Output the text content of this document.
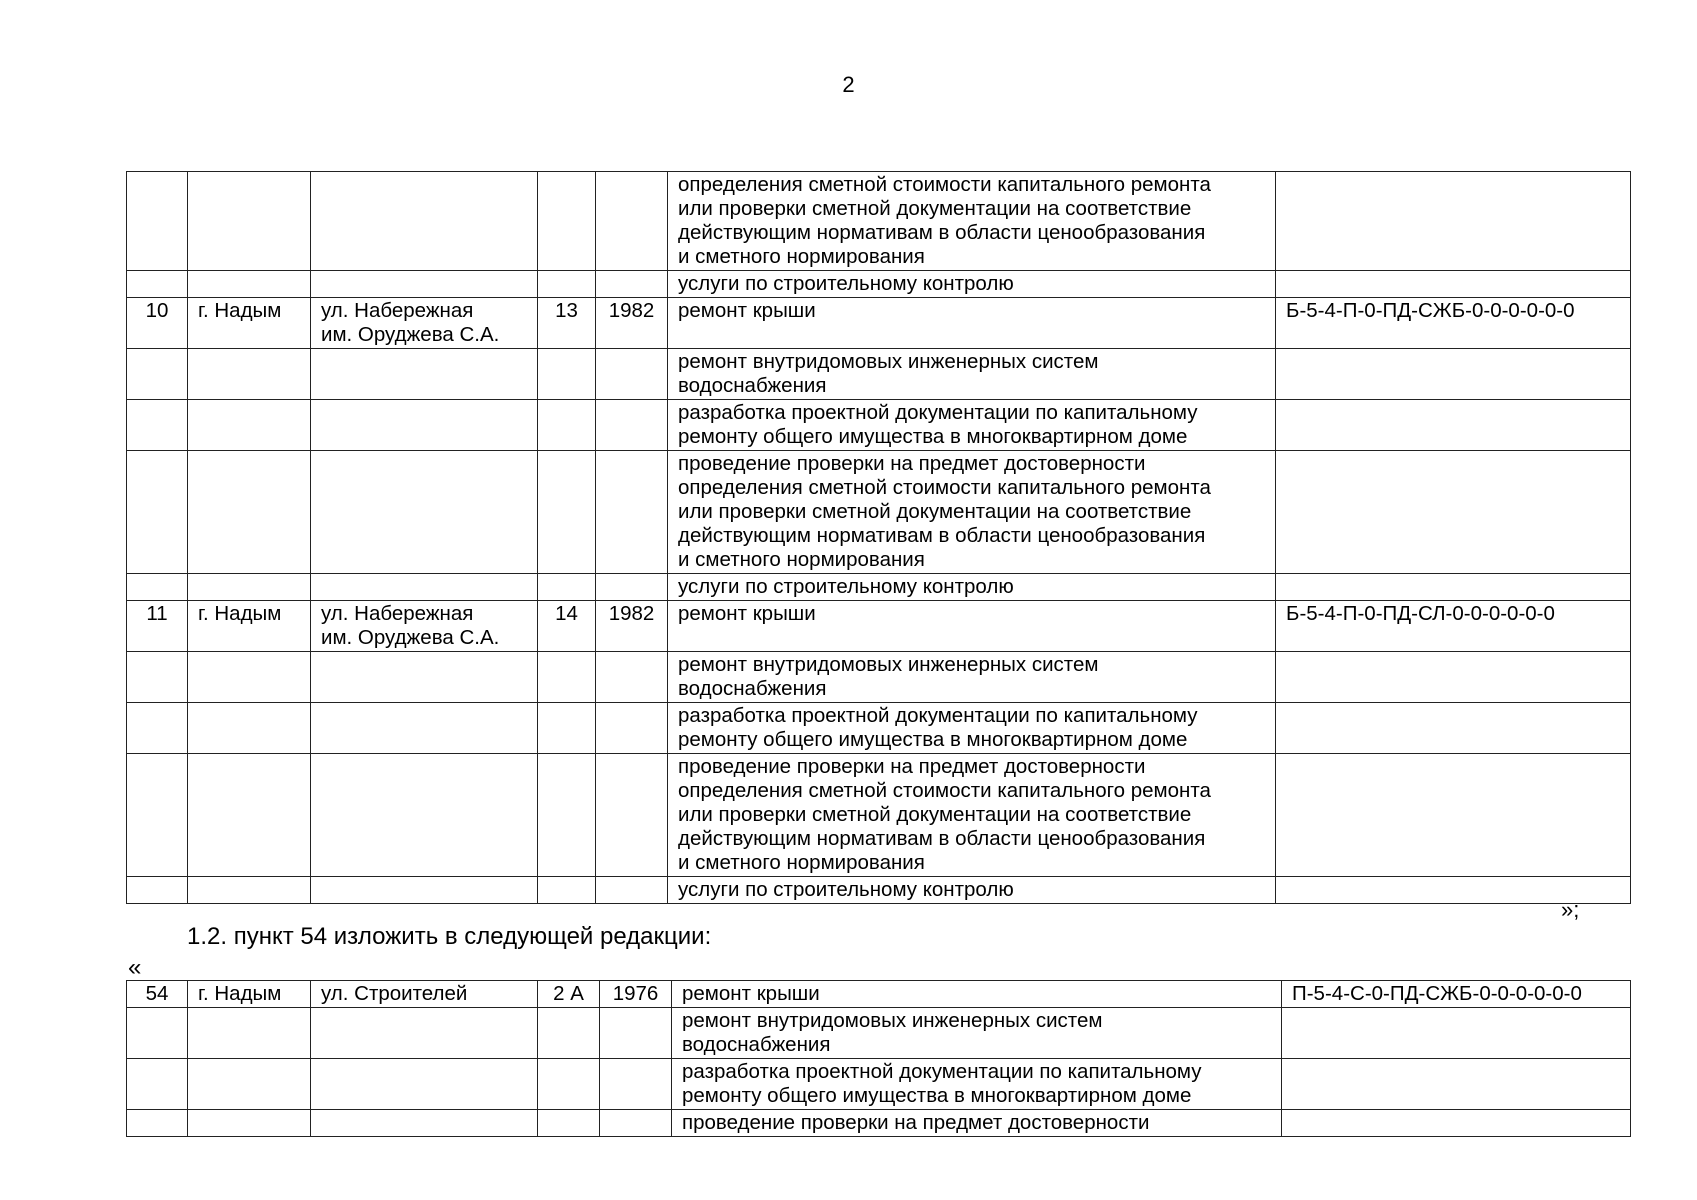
2
					определения сметной стоимости капитального ремонта
или проверки сметной документации на соответствие
действующим нормативам в области ценообразования
и сметного нормирования	
					услуги по строительному контролю	
10	г. Надым	ул. Набережная
им. Оруджева С.А.	13	1982	ремонт крыши	Б-5-4-П-0-ПД-СЖБ-0-0-0-0-0-0
					ремонт внутридомовых инженерных систем
водоснабжения	
					разработка проектной документации по капитальному
ремонту общего имущества в многоквартирном доме	
					проведение проверки на предмет достоверности
определения сметной стоимости капитального ремонта
или проверки сметной документации на соответствие
действующим нормативам в области ценообразования
и сметного нормирования	
					услуги по строительному контролю	
11	г. Надым	ул. Набережная
им. Оруджева С.А.	14	1982	ремонт крыши	Б-5-4-П-0-ПД-СЛ-0-0-0-0-0-0
					ремонт внутридомовых инженерных систем
водоснабжения	
					разработка проектной документации по капитальному
ремонту общего имущества в многоквартирном доме	
					проведение проверки на предмет достоверности
определения сметной стоимости капитального ремонта
или проверки сметной документации на соответствие
действующим нормативам в области ценообразования
и сметного нормирования	
					услуги по строительному контролю	
»;
1.2. пункт 54 изложить в следующей редакции:
«
54	г. Надым	ул. Строителей	2 А	1976	ремонт крыши	П-5-4-С-0-ПД-СЖБ-0-0-0-0-0-0
					ремонт внутридомовых инженерных систем
водоснабжения	
					разработка проектной документации по капитальному
ремонту общего имущества в многоквартирном доме	
					проведение проверки на предмет достоверности	
